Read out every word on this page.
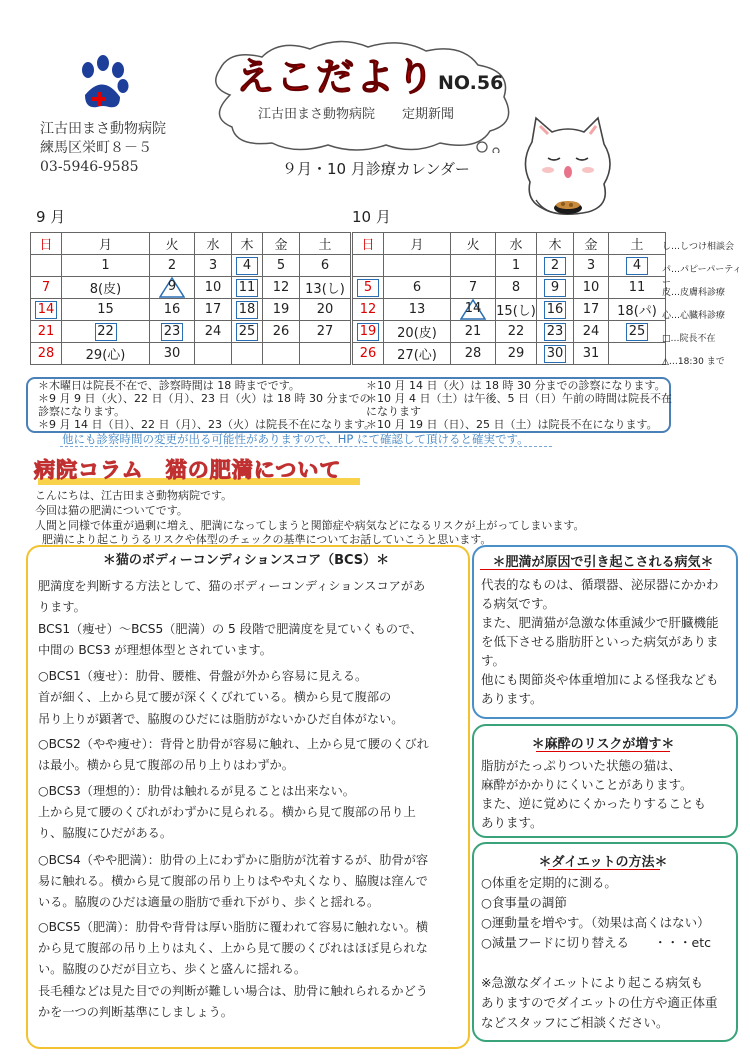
えこだより NO.56
江古田まさ動物病院 定期新聞
江古田まさ動物病院
練馬区栄町８－５
03-5946-9585	９月・10 月診療カレンダー
9 月	10 月
日	月	火	水	木	金	土
	1	2	3	4	5	6
7	8(皮)	9	10	11	12	13(し)
14	15	16	17	18	19	20
21	22	23	24	25	26	27
28	29(心)	30				
日	月	火	水	木	金	土
			1	2	3	4
5	6	7	8	9	10	11
12	13	14	15(し)	16	17	18(パ)
19	20(皮)	21	22	23	24	25
26	27(心)	28	29	30	31	
し…しつけ相談会
パ…パピーパーティー
皮…皮膚科診療
心…心臓科診療
□…院長不在
△…18:30 まで
＊木曜日は院長不在で、診察時間は 18 時までです。
＊9 月 9 日（火）、22 日（月）、23 日（火）は 18 時 30 分までの
診察になります。
＊9 月 14 日（日）、22 日（月）、23（火）は院長不在になります。
＊10 月 14 日（火）は 18 時 30 分までの診察になります。
＊10 月 4 日（土）は午後、5 日（日）午前の時間は院長不在
になります
＊10 月 19 日（日）、25 日（土）は院長不在になります。
他にも診察時間の変更が出る可能性がありますので、HP にて確認して頂けると確実です。
病院コラム　猫の肥満について
こんにちは、江古田まさ動物病院です。
今回は猫の肥満についてです。
人間と同様で体重が過剰に増え、肥満になってしまうと関節症や病気などになるリスクが上がってしまいます。
肥満により起こりうるリスクや体型のチェックの基準についてお話していこうと思います。
＊猫のボディーコンディションスコア（BCS）＊
肥満度を判断する方法として、猫のボディーコンディションスコアがあ
ります。
BCS1（痩せ）～BCS5（肥満）の 5 段階で肥満度を見ていくもので、
中間の BCS3 が理想体型とされています。
○BCS1（痩せ）：肋骨、腰椎、骨盤が外から容易に見える。
首が細く、上から見て腰が深くくびれている。横から見て腹部の
吊り上りが顕著で、脇腹のひだには脂肪がないかひだ自体がない。
○BCS2（やや痩せ）：背骨と肋骨が容易に触れ、上から見て腰のくびれ
は最小。横から見て腹部の吊り上りはわずか。
○BCS3（理想的）：肋骨は触れるが見ることは出来ない。
上から見て腰のくびれがわずかに見られる。横から見て腹部の吊り上
り、脇腹にひだがある。
○BCS4（やや肥満）：肋骨の上にわずかに脂肪が沈着するが、肋骨が容
易に触れる。横から見て腹部の吊り上りはやや丸くなり、脇腹は窪んで
いる。脇腹のひだは適量の脂肪で垂れ下がり、歩くと揺れる。
○BCS5（肥満）：肋骨や背骨は厚い脂肪に覆われて容易に触れない。横
から見て腹部の吊り上りは丸く、上から見て腰のくびれはほぼ見られな
い。脇腹のひだが目立ち、歩くと盛んに揺れる。
長毛種などは見た目での判断が難しい場合は、肋骨に触れられるかどう
かを一つの判断基準にしましょう。
＊肥満が原因で引き起こされる病気＊
代表的なものは、循環器、泌尿器にかかわ
る病気です。
また、肥満猫が急激な体重減少で肝臓機能
を低下させる脂肪肝といった病気がありま
す。
他にも関節炎や体重増加による怪我なども
あります。
＊麻酔のリスクが増す＊
脂肪がたっぷりついた状態の猫は、
麻酔がかかりにくいことがあります。
また、逆に覚めにくかったりすることも
あります。
＊ダイエットの方法＊
○体重を定期的に測る。
○食事量の調節
○運動量を増やす。（効果は高くはない）
○減量フードに切り替える　　・・・etc
※急激なダイエットにより起こる病気も
ありますのでダイエットの仕方や適正体重
などスタッフにご相談ください。
